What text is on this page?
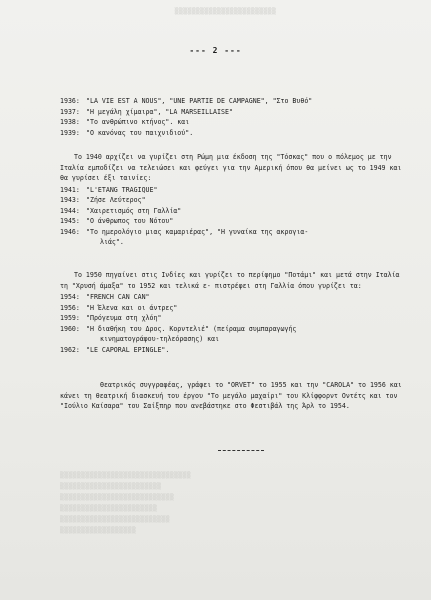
▒▒▒▒▒▒▒▒▒▒▒▒▒▒▒▒▒▒▒▒▒▒▒▒
--- 2 ---
1936: "LA VIE EST A NOUS", "UNE PARTIE DE CAMPAGNE", "Στο Βυθό"
1937: "Η μεγάλη χίμαιρα", "LA MARSEILLAISE"
1938: "Το ανθρώπινο κτήνος". και
1939: "Ο κανόνας του παιχνιδιού".
Το 1940 αρχίζει να γυρίζει στη Ρώμη μια έκδοση της "Τόσκας" που ο πόλεμος με την Ιταλία εμποδίζει να τελειώσει και φεύγει για την Αμερική όπου θα μείνει ως το 1949 και θα γυρίσει έξι ταινίες:
1941: "L'ETANG TRAGIQUE"
1943: "Ζήσε Λεύτερος"
1944: "Χαιρετισμός στη Γαλλία"
1945: "Ο άνθρωπος του Νότου"
1946: "Το ημερολόγιο μιας καμαριέρας", "Η γυναίκα της ακρογια-
λιάς".
Το 1950 πηγαίνει στις Ινδίες και γυρίζει το περίφημο "Ποτάμι" και μετά στην Ιταλία τη "Χρυσή άμαξα" το 1952 και τελικά ε- πιστρέφει στη Γαλλία όπου γυρίζει τα:
1954: "FRENCH CAN CAN"
1956: "Η Έλενα και οι άντρες"
1959: "Πρόγευμα στη χλόη"
1960: "Η διαθήκη του Δρος. Κορντελιέ" (πείραμα συμπαραγωγής
κινηματογράφου-τηλεόρασης) και
1962: "LE CAPORAL EPINGLE".
Θεατρικός συγγραφέας, γράφει το "ORVET" το 1955 και την "CAROLA" το 1956 και κάνει τη θεατρική διασκευή του έργου "Το μεγάλο μαχαίρι" του Κλίφφορντ Οντέτς και τον "Ιούλιο Καίσαρα" του Σαίξπηρ που ανεβάστηκε στο Φεστιβάλ της Άρλ το 1954.
▒▒▒▒▒▒▒▒▒▒▒▒▒▒▒▒▒▒▒▒▒▒▒▒▒▒▒▒▒▒▒
▒▒▒▒▒▒▒▒▒▒▒▒▒▒▒▒▒▒▒▒▒▒▒▒
▒▒▒▒▒▒▒▒▒▒▒▒▒▒▒▒▒▒▒▒▒▒▒▒▒▒▒
▒▒▒▒▒▒▒▒▒▒▒▒▒▒▒▒▒▒▒▒▒▒▒
▒▒▒▒▒▒▒▒▒▒▒▒▒▒▒▒▒▒▒▒▒▒▒▒▒▒
▒▒▒▒▒▒▒▒▒▒▒▒▒▒▒▒▒▒
